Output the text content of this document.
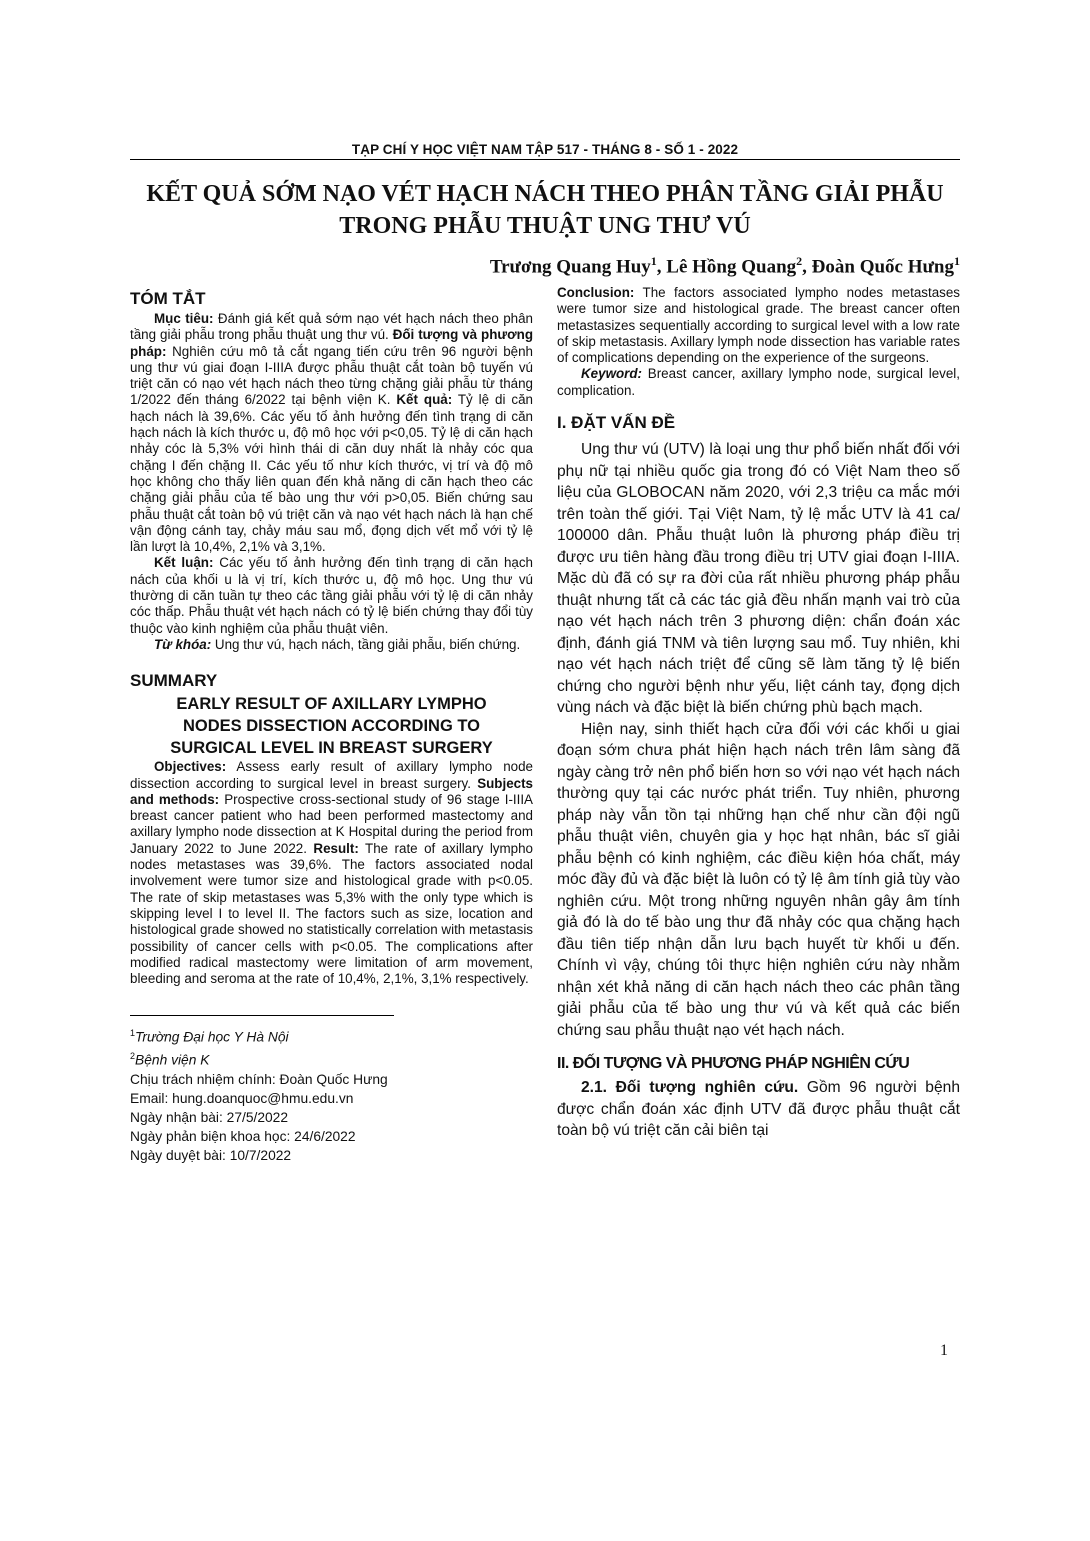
TẠP CHÍ Y HỌC VIỆT NAM TẬP 517 - THÁNG 8 - SỐ 1 - 2022
KẾT QUẢ SỚM NẠO VÉT HẠCH NÁCH THEO PHÂN TẦNG GIẢI PHẪU
TRONG PHẪU THUẬT UNG THƯ VÚ
Trương Quang Huy$^1$, Lê Hồng Quang$^2$, Đoàn Quốc Hưng$^1$
TÓM TẮT

Mục tiêu: Đánh giá kết quả sớm nạo vét hạch nách theo phân tầng giải phẫu trong phẫu thuật ung thư vú. Đối tượng và phương pháp: Nghiên cứu mô tả cắt ngang tiến cứu trên 96 người bệnh ung thư vú giai đoạn I-IIIA được phẫu thuật cắt toàn bộ tuyến vú triệt căn có nạo vét hạch nách theo từng chặng giải phẫu từ tháng 1/2022 đến tháng 6/2022 tại bệnh viện K. Kết quả: Tỷ lệ di căn hạch nách là 39,6%. Các yếu tố ảnh hưởng đến tình trạng di căn hạch nách là kích thước u, độ mô học với p<0,05. Tỷ lệ di căn hạch nhảy cóc là 5,3% với hình thái di căn duy nhất là nhảy cóc qua chặng I đến chặng II. Các yếu tố như kích thước, vị trí và độ mô học không cho thấy liên quan đến khả năng di căn hạch theo các chặng giải phẫu của tế bào ung thư với p>0,05. Biến chứng sau phẫu thuật cắt toàn bộ vú triệt căn và nạo vét hạch nách là hạn chế vận động cánh tay, chảy máu sau mổ, đọng dịch vết mổ với tỷ lệ lần lượt là 10,4%, 2,1% và 3,1%.

Kết luận: Các yếu tố ảnh hưởng đến tình trạng di căn hạch nách của khối u là vị trí, kích thước u, độ mô học. Ung thư vú thường di căn tuần tự theo các tầng giải phẫu với tỷ lệ di căn nhảy cóc thấp. Phẫu thuật vét hạch nách có tỷ lệ biến chứng thay đổi tùy thuộc vào kinh nghiệm của phẫu thuật viên.

Từ khóa: Ung thư vú, hạch nách, tầng giải phẫu, biến chứng.

SUMMARY
EARLY RESULT OF AXILLARY LYMPHO
NODES DISSECTION ACCORDING TO
SURGICAL LEVEL IN BREAST SURGERY

Objectives: Assess early result of axillary lympho node dissection according to surgical level in breast surgery. Subjects and methods: Prospective cross-sectional study of 96 stage I-IIIA breast cancer patient who had been performed mastectomy and axillary lympho node dissection at K Hospital during the period from January 2022 to June 2022. Result: The rate of axillary lympho nodes metastases was 39,6%. The factors associated nodal involvement were tumor size and histological grade with p<0.05. The rate of skip metastases was 5,3% with the only type which is skipping level I to level II. The factors such as size, location and histological grade showed no statistically correlation with metastasis possibility of cancer cells with p<0.05. The complications after modified radical mastectomy were limitation of arm movement, bleeding and seroma at the rate of 10,4%, 2,1%, 3,1% respectively.

$^1$Trường Đại học Y Hà Nội

$^2$Bệnh viện K

Chịu trách nhiệm chính: Đoàn Quốc Hưng

Email: hung.doanquoc@hmu.edu.vn

Ngày nhận bài: 27/5/2022

Ngày phản biện khoa học: 24/6/2022

Ngày duyệt bài: 10/7/2022

Conclusion: The factors associated lympho nodes metastases were tumor size and histological grade. The breast cancer often metastasizes sequentially according to surgical level with a low rate of skip metastasis. Axillary lymph node dissection has variable rates of complications depending on the experience of the surgeons.

Keyword: Breast cancer, axillary lympho node, surgical level, complication.

I. ĐẶT VẤN ĐỀ

Ung thư vú (UTV) là loại ung thư phổ biến nhất đối với phụ nữ tại nhiều quốc gia trong đó có Việt Nam theo số liệu của GLOBOCAN năm 2020, với 2,3 triệu ca mắc mới trên toàn thế giới. Tại Việt Nam, tỷ lệ mắc UTV là 41 ca/ 100000 dân. Phẫu thuật luôn là phương pháp điều trị được ưu tiên hàng đầu trong điều trị UTV giai đoạn I-IIIA. Mặc dù đã có sự ra đời của rất nhiều phương pháp phẫu thuật nhưng tất cả các tác giả đều nhấn mạnh vai trò của nạo vét hạch nách trên 3 phương diện: chẩn đoán xác định, đánh giá TNM và tiên lượng sau mổ. Tuy nhiên, khi nạo vét hạch nách triệt để cũng sẽ làm tăng tỷ lệ biến chứng cho người bệnh như yếu, liệt cánh tay, đọng dịch vùng nách và đặc biệt là biến chứng phù bạch mạch.

Hiện nay, sinh thiết hạch cửa đối với các khối u giai đoạn sớm chưa phát hiện hạch nách trên lâm sàng đã ngày càng trở nên phổ biến hơn so với nạo vét hạch nách thường quy tại các nước phát triển. Tuy nhiên, phương pháp này vẫn tồn tại những hạn chế như cần đội ngũ phẫu thuật viên, chuyên gia y học hạt nhân, bác sĩ giải phẫu bệnh có kinh nghiệm, các điều kiện hóa chất, máy móc đầy đủ và đặc biệt là luôn có tỷ lệ âm tính giả tùy vào nghiên cứu. Một trong những nguyên nhân gây âm tính giả đó là do tế bào ung thư đã nhảy cóc qua chặng hạch đầu tiên tiếp nhận dẫn lưu bạch huyết từ khối u đến. Chính vì vậy, chúng tôi thực hiện nghiên cứu này nhằm nhận xét khả năng di căn hạch nách theo các phân tầng giải phẫu của tế bào ung thư vú và kết quả các biến chứng sau phẫu thuật nạo vét hạch nách.

II. ĐỐI TƯỢNG VÀ PHƯƠNG PHÁP NGHIÊN CỨU

2.1. Đối tượng nghiên cứu. Gồm 96 người bệnh được chẩn đoán xác định UTV đã được phẫu thuật cắt toàn bộ vú triệt căn cải biên tại

1
